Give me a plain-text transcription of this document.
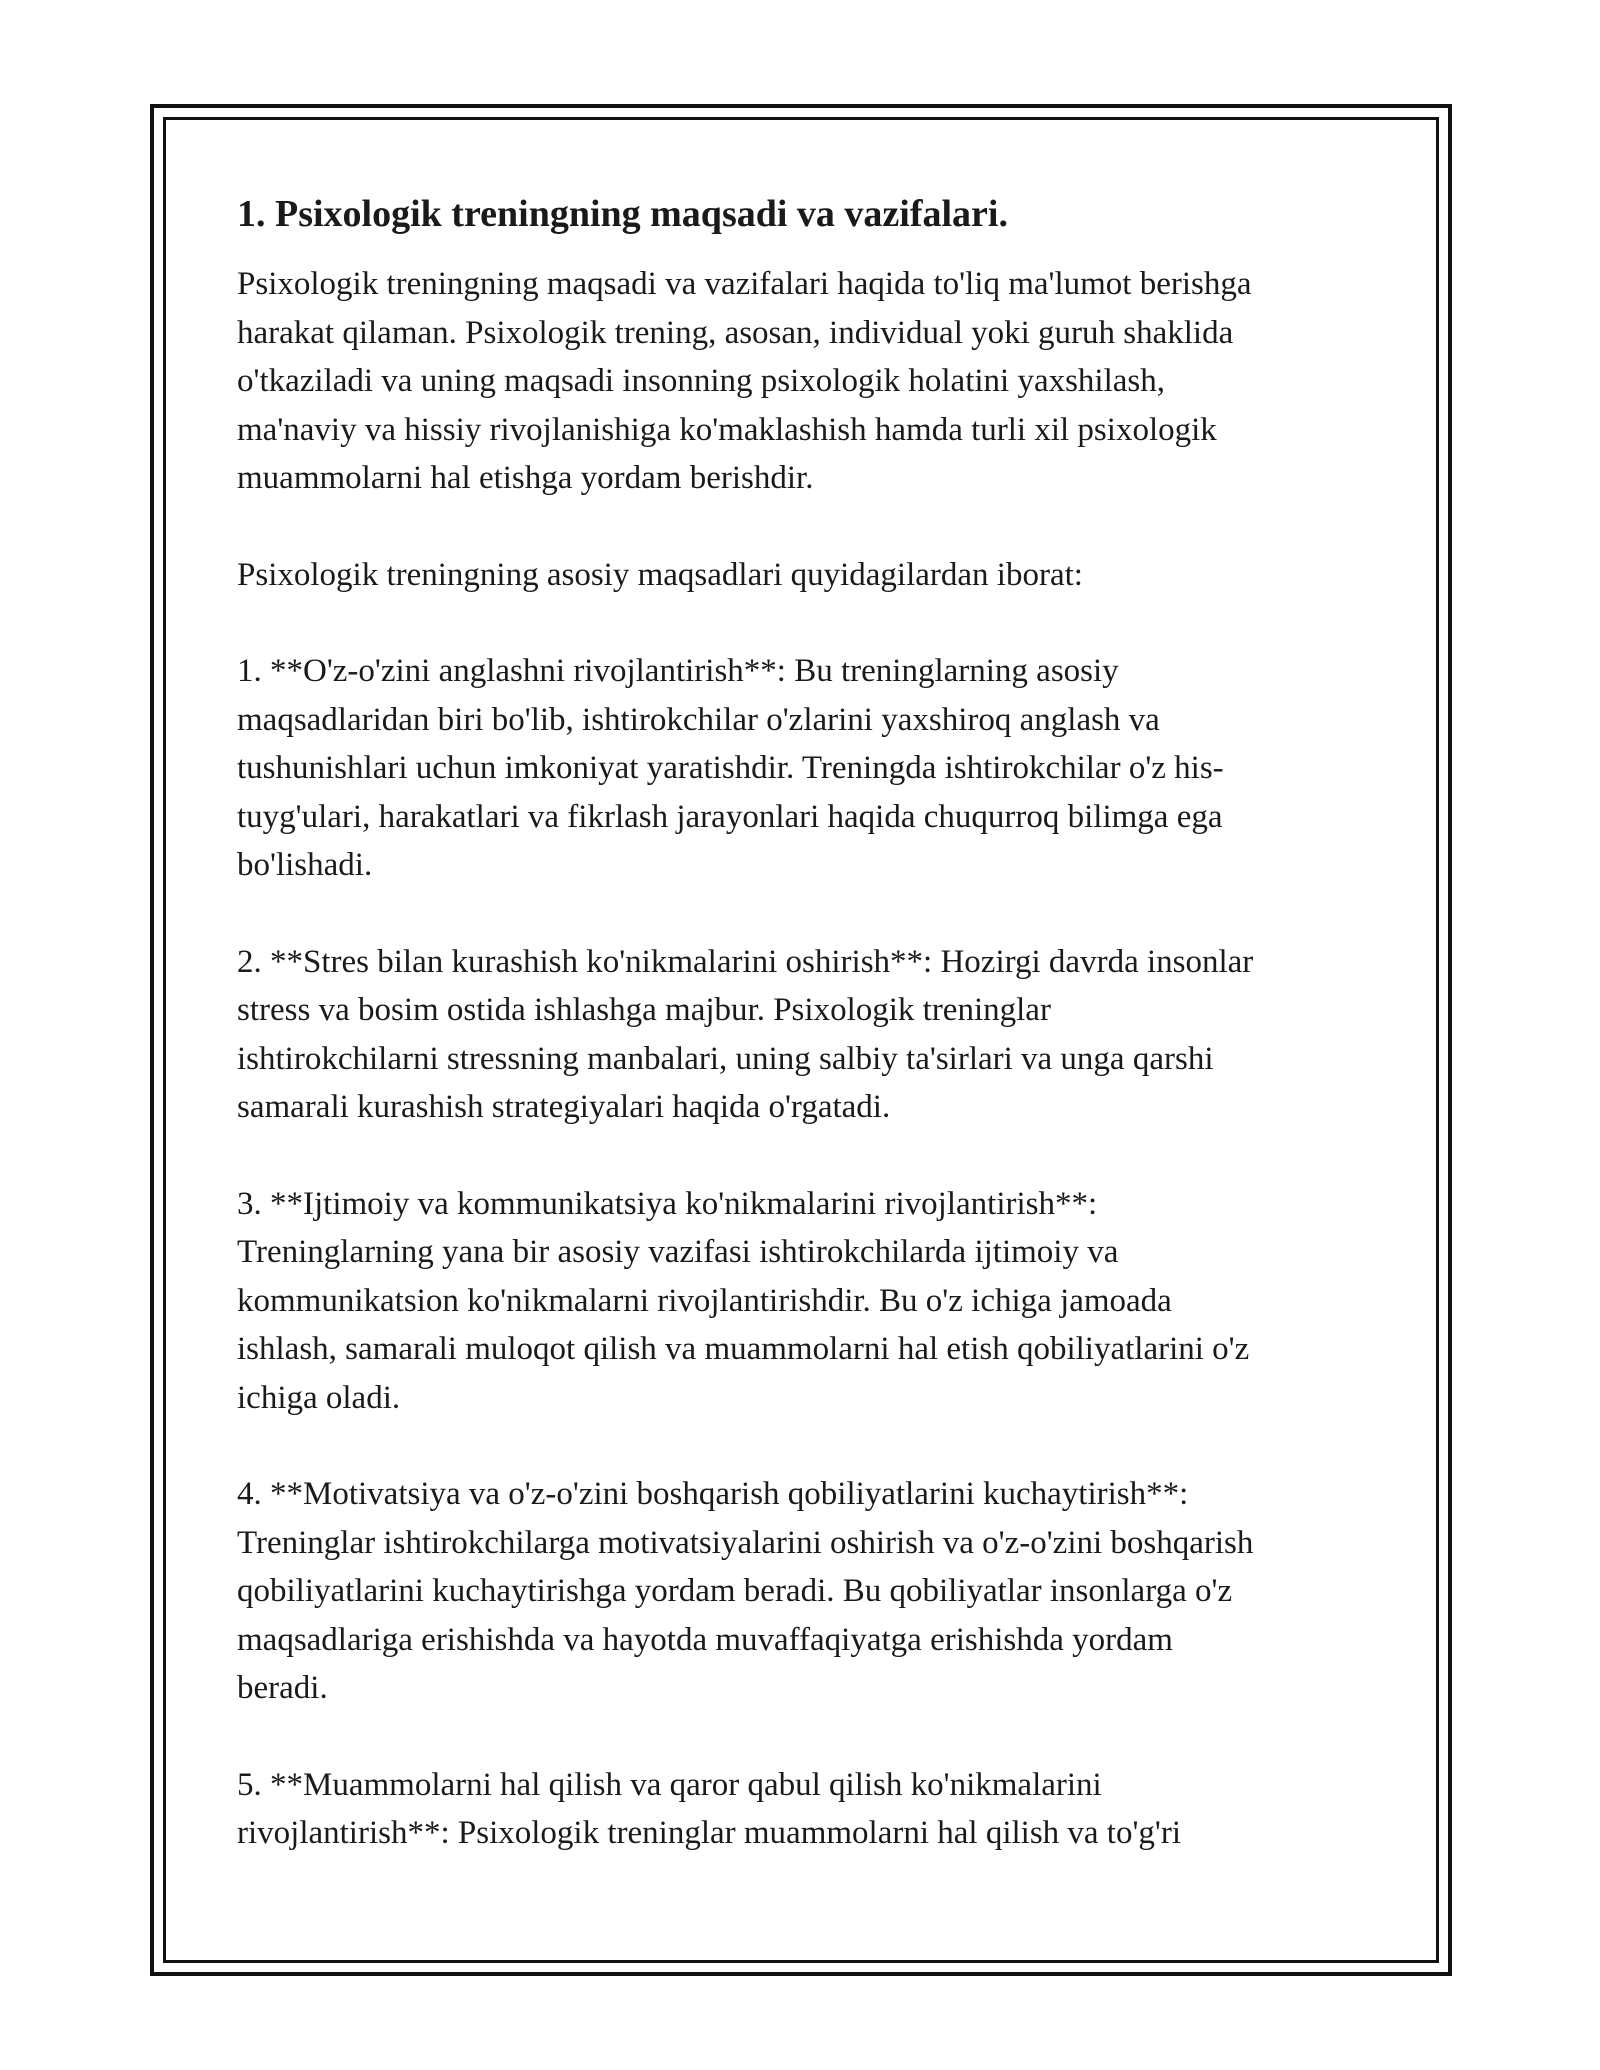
1. Psixologik treningning maqsadi va vazifalari.

Psixologik treningning maqsadi va vazifalari haqida to'liq ma'lumot berishga
harakat qilaman. Psixologik trening, asosan, individual yoki guruh shaklida
o'tkaziladi va uning maqsadi insonning psixologik holatini yaxshilash,
ma'naviy va hissiy rivojlanishiga ko'maklashish hamda turli xil psixologik
muammolarni hal etishga yordam berishdir.

Psixologik treningning asosiy maqsadlari quyidagilardan iborat:

1. **O'z-o'zini anglashni rivojlantirish**: Bu treninglarning asosiy
maqsadlaridan biri bo'lib, ishtirokchilar o'zlarini yaxshiroq anglash va
tushunishlari uchun imkoniyat yaratishdir. Treningda ishtirokchilar o'z his-
tuyg'ulari, harakatlari va fikrlash jarayonlari haqida chuqurroq bilimga ega
bo'lishadi.

2. **Stres bilan kurashish ko'nikmalarini oshirish**: Hozirgi davrda insonlar
stress va bosim ostida ishlashga majbur. Psixologik treninglar
ishtirokchilarni stressning manbalari, uning salbiy ta'sirlari va unga qarshi
samarali kurashish strategiyalari haqida o'rgatadi.

3. **Ijtimoiy va kommunikatsiya ko'nikmalarini rivojlantirish**:
Treninglarning yana bir asosiy vazifasi ishtirokchilarda ijtimoiy va
kommunikatsion ko'nikmalarni rivojlantirishdir. Bu o'z ichiga jamoada
ishlash, samarali muloqot qilish va muammolarni hal etish qobiliyatlarini o'z
ichiga oladi.

4. **Motivatsiya va o'z-o'zini boshqarish qobiliyatlarini kuchaytirish**:
Treninglar ishtirokchilarga motivatsiyalarini oshirish va o'z-o'zini boshqarish
qobiliyatlarini kuchaytirishga yordam beradi. Bu qobiliyatlar insonlarga o'z
maqsadlariga erishishda va hayotda muvaffaqiyatga erishishda yordam
beradi.

5. **Muammolarni hal qilish va qaror qabul qilish ko'nikmalarini
rivojlantirish**: Psixologik treninglar muammolarni hal qilish va to'g'ri
